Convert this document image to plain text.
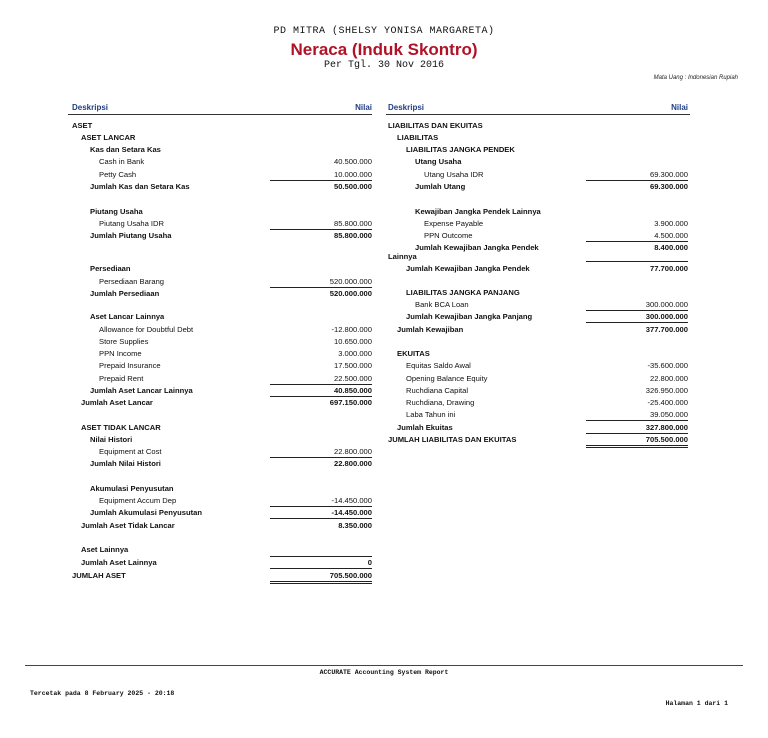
PD MITRA (SHELSY YONISA MARGARETA)
Neraca (Induk Skontro)
Per Tgl. 30 Nov 2016
Mata Uang : Indonesian Rupiah
Deskripsi	Nilai Deskripsi	Nilai
ASET
ASET LANCAR
Kas dan Setara Kas
Cash in Bank	40.500.000
Petty Cash	10.000.000
Jumlah Kas dan Setara Kas	50.500.000
Piutang Usaha
Piutang Usaha IDR	85.800.000
Jumlah Piutang Usaha	85.800.000
Persediaan
Persediaan Barang	520.000.000
Jumlah Persediaan	520.000.000
Aset Lancar Lainnya
Allowance for Doubtful Debt	-12.800.000
Store Supplies	10.650.000
PPN Income	3.000.000
Prepaid Insurance	17.500.000
Prepaid Rent	22.500.000
Jumlah Aset Lancar Lainnya	40.850.000
Jumlah Aset Lancar	697.150.000
ASET TIDAK LANCAR
Nilai Histori
Equipment at Cost	22.800.000
Jumlah Nilai Histori	22.800.000
Akumulasi Penyusutan
Equipment Accum Dep	-14.450.000
Jumlah Akumulasi Penyusutan	-14.450.000
Jumlah Aset Tidak Lancar	8.350.000
Aset Lainnya
Jumlah Aset Lainnya	0
JUMLAH ASET	705.500.000
LIABILITAS DAN EKUITAS
LIABILITAS
LIABILITAS JANGKA PENDEK
Utang Usaha
Utang Usaha IDR	69.300.000
Jumlah Utang	69.300.000
Kewajiban Jangka Pendek Lainnya
Expense Payable	3.900.000
PPN Outcome	4.500.000
Jumlah Kewajiban Jangka Pendek	8.400.000
Lainnya
Jumlah Kewajiban Jangka Pendek	77.700.000
LIABILITAS JANGKA PANJANG
Bank BCA Loan	300.000.000
Jumlah Kewajiban Jangka Panjang	300.000.000
Jumlah Kewajiban	377.700.000
EKUITAS
Equitas Saldo Awal	-35.600.000
Opening Balance Equity	22.800.000
Ruchdiana Capital	326.950.000
Ruchdiana, Drawing	-25.400.000
Laba Tahun ini	39.050.000
Jumlah Ekuitas	327.800.000
JUMLAH LIABILITAS DAN EKUITAS	705.500.000
ACCURATE Accounting System Report
Tercetak pada 8 February 2025 - 20:18
Halaman 1 dari 1
